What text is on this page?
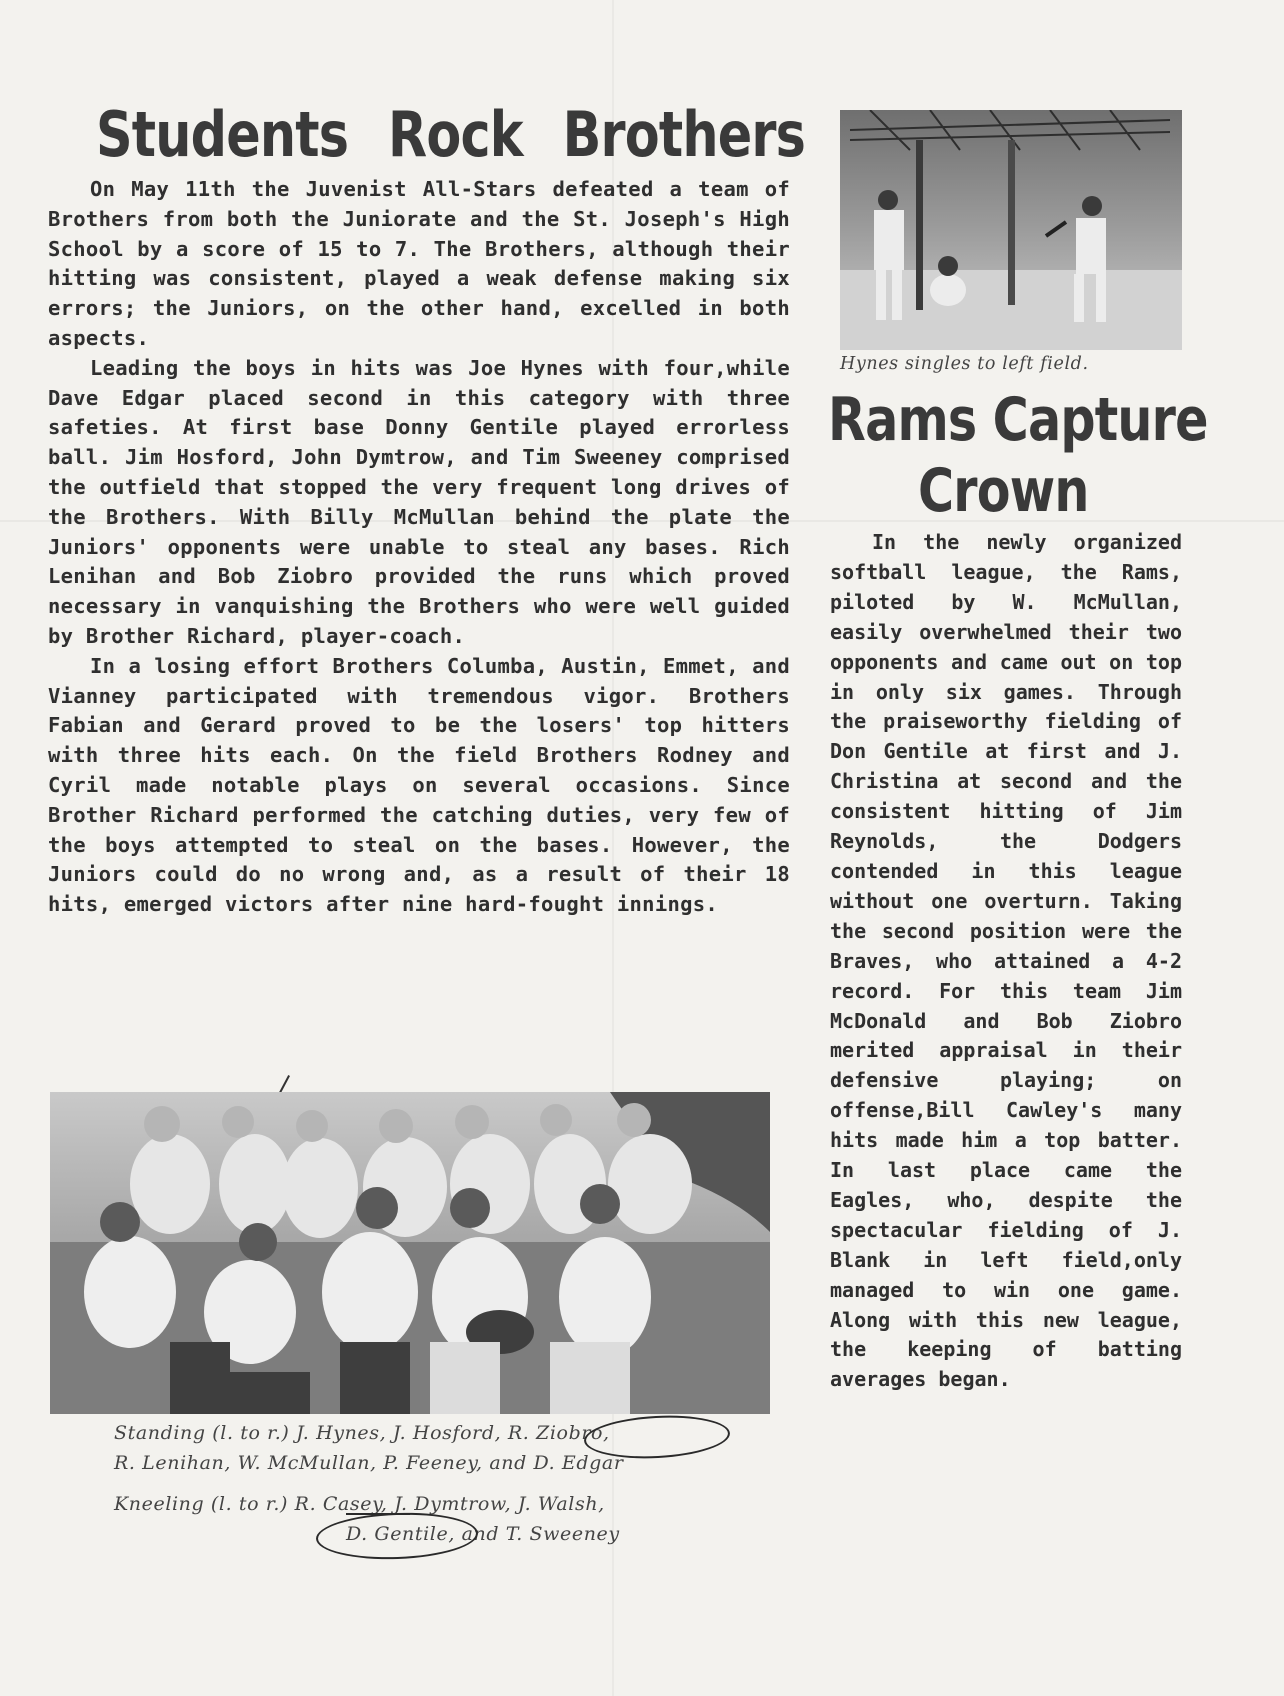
Students Rock Brothers

On May 11th the Juvenist All-Stars defeated a team of Brothers from both the Juniorate and the St. Joseph's High School by a score of 15 to 7. The Brothers, although their hitting was consistent, played a weak defense making six errors; the Juniors, on the other hand, excelled in both aspects.

Leading the boys in hits was Joe Hynes with four,while Dave Edgar placed second in this category with three safeties. At first base Donny Gentile played errorless ball. Jim Hosford, John Dymtrow, and Tim Sweeney comprised the outfield that stopped the very frequent long drives of the Brothers. With Billy McMullan behind the plate the Juniors' opponents were unable to steal any bases. Rich Lenihan and Bob Ziobro provided the runs which proved necessary in vanquishing the Brothers who were well guided by Brother Richard, player-coach.

In a losing effort Brothers Columba, Austin, Emmet, and Vianney participated with tremendous vigor. Brothers Fabian and Gerard proved to be the losers' top hitters with three hits each. On the field Brothers Rodney and Cyril made notable plays on several occasions. Since Brother Richard performed the catching duties, very few of the boys attempted to steal on the bases. However, the Juniors could do no wrong and, as a result of their 18 hits, emerged victors after nine hard-fought innings.

Standing (l. to r.) J. Hynes, J. Hosford, R. Ziobro,
R. Lenihan, W. McMullan, P. Feeney, and D. Edgar
Kneeling (l. to r.) R. Casey, J. Dymtrow, J. Walsh,
D. Gentile, and T. Sweeney
Hynes singles to left field.
Rams Capture
Crown

In the newly organized softball league, the Rams, piloted by W. McMullan, easily overwhelmed their two opponents and came out on top in only six games. Through the praiseworthy fielding of Don Gentile at first and J. Christina at second and the consistent hitting of Jim Reynolds, the Dodgers contended in this league without one overturn. Taking the second position were the Braves, who attained a 4-2 record. For this team Jim McDonald and Bob Ziobro merited appraisal in their defensive playing; on offense,Bill Cawley's many hits made him a top batter. In last place came the Eagles, who, despite the spectacular fielding of J. Blank in left field,only managed to win one game. Along with this new league, the keeping of batting averages began.
